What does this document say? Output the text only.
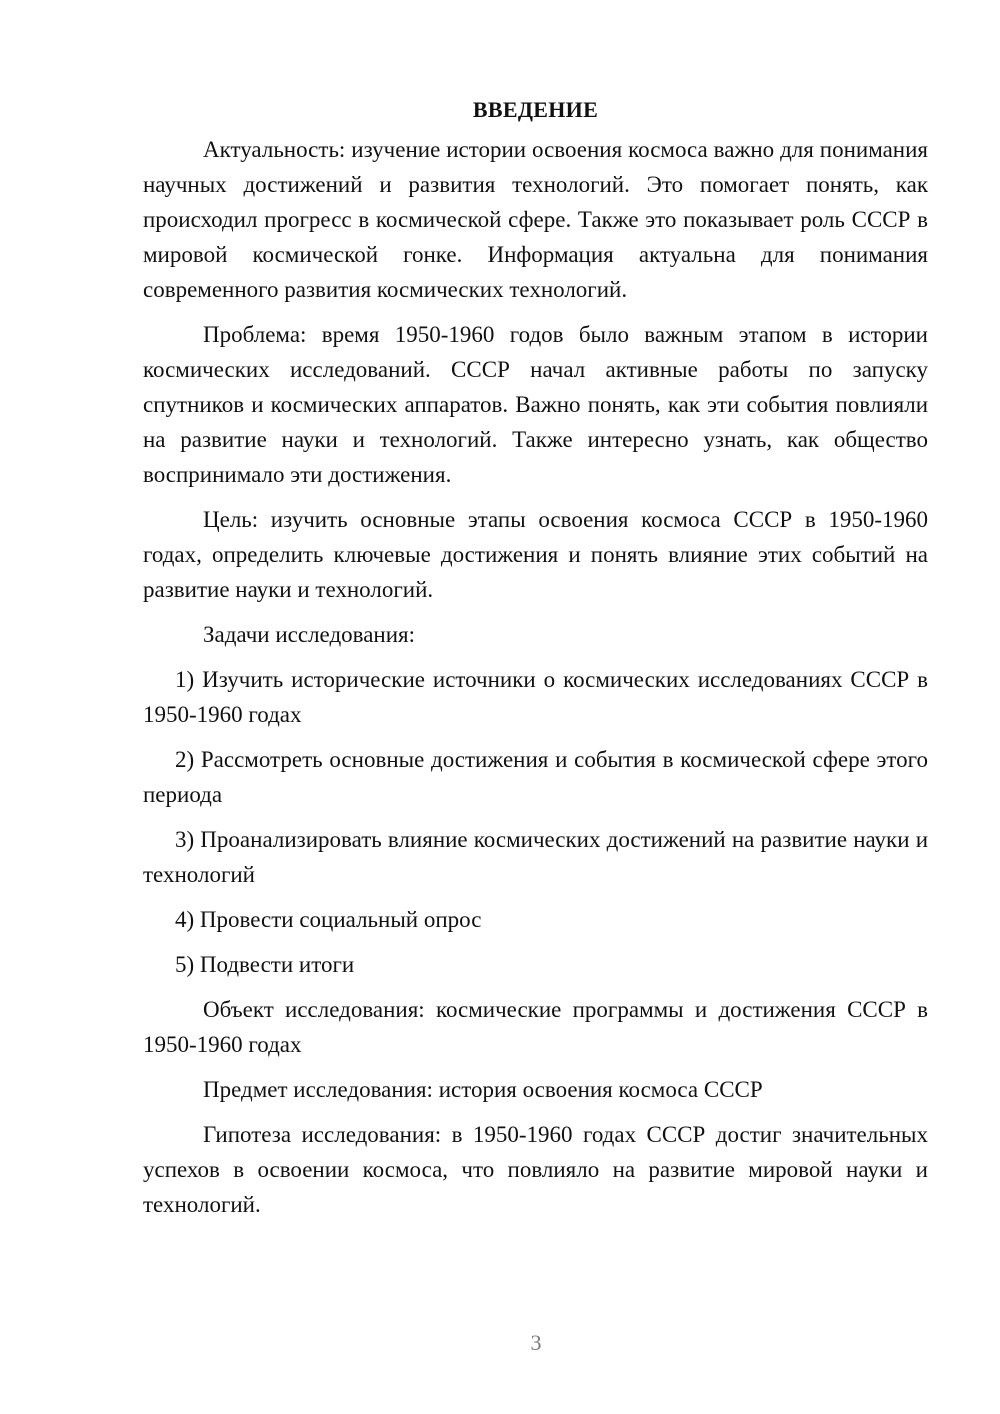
ВВЕДЕНИЕ

Актуальность: изучение истории освоения космоса важно для понимания научных достижений и развития технологий. Это помогает понять, как происходил прогресс в космической сфере. Также это показывает роль СССР в мировой космической гонке. Информация актуальна для понимания современного развития космических технологий.

Проблема: время 1950-1960 годов было важным этапом в истории космических исследований. СССР начал активные работы по запуску спутников и космических аппаратов. Важно понять, как эти события повлияли на развитие науки и технологий. Также интересно узнать, как общество воспринимало эти достижения.

Цель: изучить основные этапы освоения космоса СССР в 1950-1960 годах, определить ключевые достижения и понять влияние этих событий на развитие науки и технологий.

Задачи исследования:

1) Изучить исторические источники о космических исследованиях СССР в 1950-1960 годах

2) Рассмотреть основные достижения и события в космической сфере этого периода

3) Проанализировать влияние космических достижений на развитие науки и технологий

4) Провести социальный опрос

5) Подвести итоги

Объект исследования: космические программы и достижения СССР в 1950-1960 годах

Предмет исследования: история освоения космоса СССР

Гипотеза исследования: в 1950-1960 годах СССР достиг значительных успехов в освоении космоса, что повлияло на развитие мировой науки и технологий.

3
